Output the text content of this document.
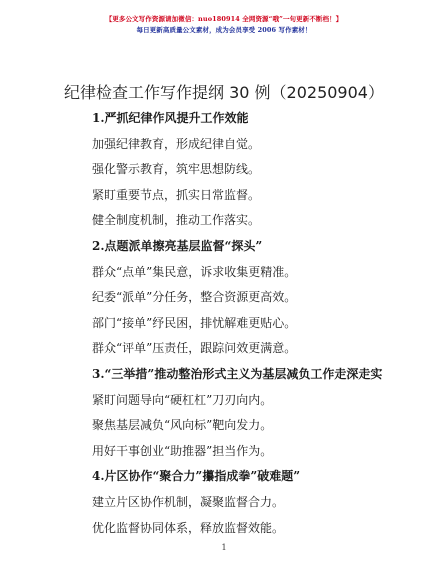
【更多公文写作资源请加微信：nuo180914 全网资源“哦”一句更新不断档！】
每日更新高质量公文素材，成为会员享受 2006 写作素材！
纪律检查工作写作提纲 30 例（20250904）
1.严抓纪律作风提升工作效能
加强纪律教育，形成纪律自觉。
强化警示教育，筑牢思想防线。
紧盯重要节点，抓实日常监督。
健全制度机制，推动工作落实。
2.点题派单擦亮基层监督“探头”
群众“点单”集民意，诉求收集更精准。
纪委“派单”分任务，整合资源更高效。
部门“接单”纾民困，排忧解难更贴心。
群众“评单”压责任，跟踪问效更满意。
3.“三举措”推动整治形式主义为基层减负工作走深走实
紧盯问题导向“硬杠杠”刀刃向内。
聚焦基层减负“风向标”靶向发力。
用好干事创业“助推器”担当作为。
4.片区协作“聚合力”攥指成拳”破难题”
建立片区协作机制，凝聚监督合力。
优化监督协同体系，释放监督效能。
1
